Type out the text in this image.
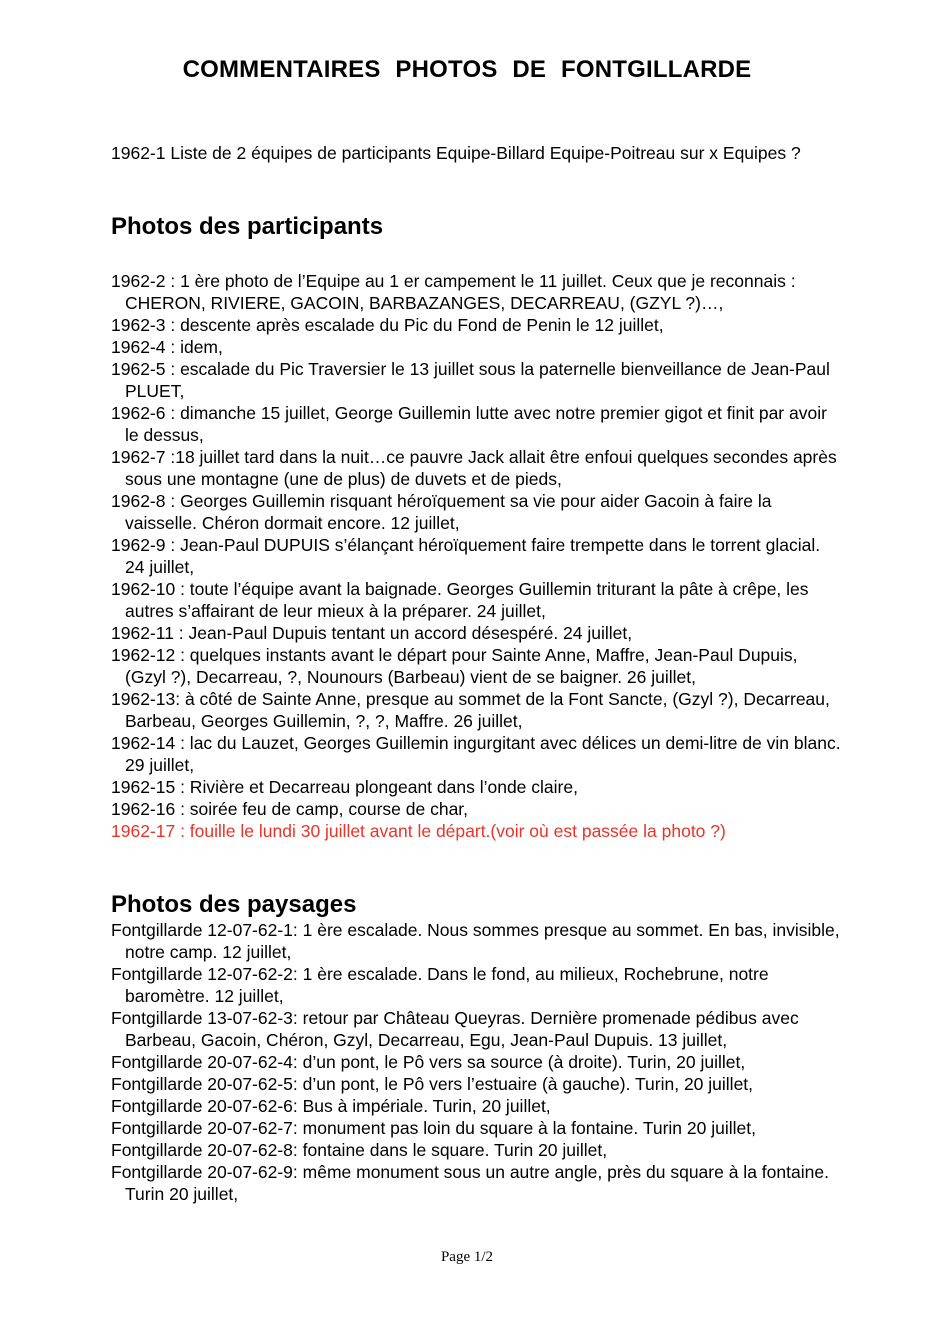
COMMENTAIRES PHOTOS DE FONTGILLARDE
1962-1 Liste de 2 équipes de participants Equipe-Billard Equipe-Poitreau sur x Equipes ?
Photos des participants
1962-2 : 1 ère photo de l’Equipe au 1 er campement le 11 juillet. Ceux que je reconnais : CHERON, RIVIERE, GACOIN, BARBAZANGES, DECARREAU, (GZYL ?)…,
1962-3 : descente après escalade du Pic du Fond de Penin le 12 juillet,
1962-4 : idem,
1962-5 : escalade du Pic Traversier le 13 juillet sous la paternelle bienveillance de Jean-Paul PLUET,
1962-6 : dimanche 15 juillet, George Guillemin lutte avec notre premier gigot et finit par avoir le dessus,
1962-7 :18 juillet tard dans la nuit…ce pauvre Jack allait être enfoui quelques secondes après sous une montagne (une de plus) de duvets et de pieds,
1962-8 : Georges Guillemin risquant héroïquement sa vie pour aider Gacoin à faire la vaisselle. Chéron dormait encore. 12 juillet,
1962-9 : Jean-Paul DUPUIS s’élançant héroïquement faire trempette dans le torrent glacial. 24 juillet,
1962-10 : toute l’équipe avant la baignade. Georges Guillemin triturant la pâte à crêpe, les autres s’affairant de leur mieux à la préparer. 24 juillet,
1962-11 : Jean-Paul Dupuis tentant un accord désespéré. 24 juillet,
1962-12 : quelques instants avant le départ pour Sainte Anne, Maffre, Jean-Paul Dupuis, (Gzyl ?), Decarreau, ?, Nounours (Barbeau) vient de se baigner. 26 juillet,
1962-13: à côté de Sainte Anne, presque au sommet de la Font Sancte, (Gzyl ?), Decarreau, Barbeau, Georges Guillemin, ?, ?, Maffre. 26 juillet,
1962-14 : lac du Lauzet, Georges Guillemin ingurgitant avec délices un demi-litre de vin blanc. 29 juillet,
1962-15 : Rivière et Decarreau plongeant dans l’onde claire,
1962-16 : soirée feu de camp, course de char,
1962-17 : fouille le lundi 30 juillet avant le départ.(voir où est passée la photo ?)
Photos des paysages
Fontgillarde 12-07-62-1: 1 ère escalade. Nous sommes presque au sommet. En bas, invisible, notre camp. 12 juillet,
Fontgillarde 12-07-62-2: 1 ère escalade. Dans le fond, au milieux, Rochebrune, notre baromètre. 12 juillet,
Fontgillarde 13-07-62-3: retour par Château Queyras. Dernière promenade pédibus avec Barbeau, Gacoin, Chéron, Gzyl, Decarreau, Egu, Jean-Paul Dupuis. 13 juillet,
Fontgillarde 20-07-62-4: d’un pont, le Pô vers sa source (à droite). Turin, 20 juillet,
Fontgillarde 20-07-62-5: d’un pont, le Pô vers l’estuaire (à gauche). Turin, 20 juillet,
Fontgillarde 20-07-62-6: Bus à impériale. Turin, 20 juillet,
Fontgillarde 20-07-62-7: monument pas loin du square à la fontaine. Turin 20 juillet,
Fontgillarde 20-07-62-8: fontaine dans le square. Turin 20 juillet,
Fontgillarde 20-07-62-9: même monument sous un autre angle, près du square à la fontaine. Turin 20 juillet,
Page 1/2
